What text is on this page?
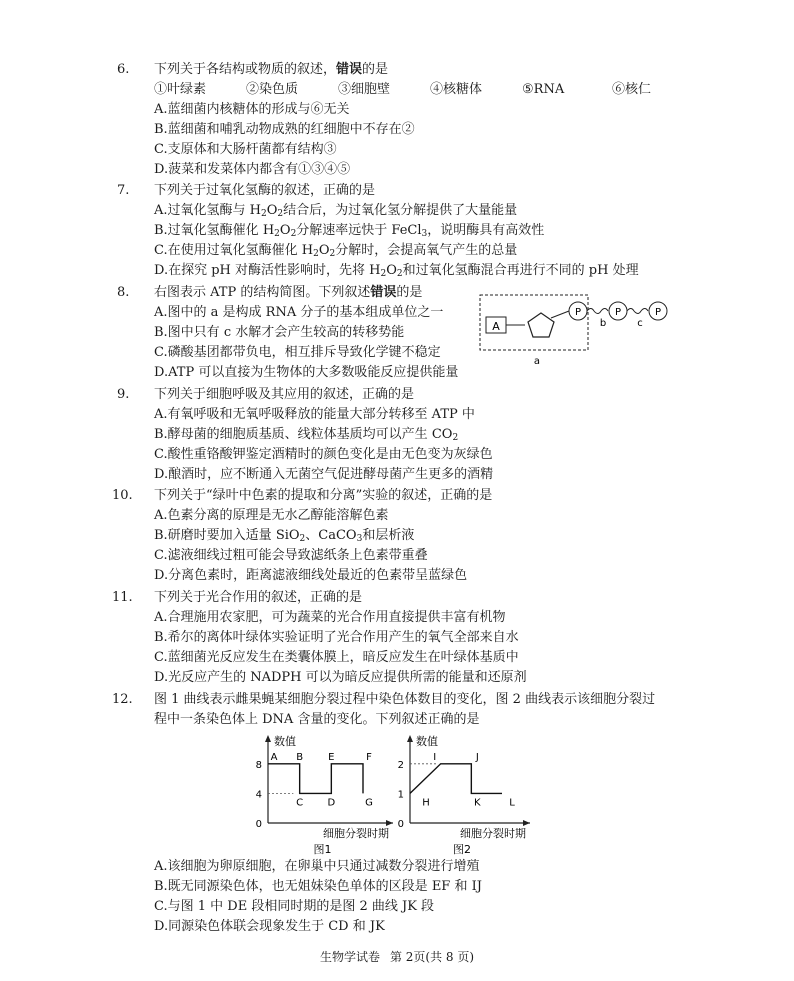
6.	下列关于各结构或物质的叙述，错误的是
①叶绿素	②染色质	③细胞壁	④核糖体	⑤RNA	⑥核仁
A.蓝细菌内核糖体的形成与⑥无关
B.蓝细菌和哺乳动物成熟的红细胞中不存在②
C.支原体和大肠杆菌都有结构③
D.菠菜和发菜体内都含有①③④⑤
7.	下列关于过氧化氢酶的叙述，正确的是
A.过氧化氢酶与 $H_2O_2$结合后，为过氧化氢分解提供了大量能量
B.过氧化氢酶催化 $H_2O_2$分解速率远快于 FeCl$_3$，说明酶具有高效性
C.在使用过氧化氢酶催化 $H_2O_2$分解时，会提高氧气产生的总量
D.在探究 pH 对酶活性影响时，先将 $H_2O_2$和过氧化氢酶混合再进行不同的 pH 处理
8.	右图表示 ATP 的结构简图。下列叙述错误的是
A.图中的 a 是构成 RNA 分子的基本组成单位之一
B.图中只有 c 水解才会产生较高的转移势能
C.磷酸基团都带负电，相互排斥导致化学键不稳定
D.ATP 可以直接为生物体的大多数吸能反应提供能量
A
P
b
P
c
P
a
9.	下列关于细胞呼吸及其应用的叙述，正确的是
A.有氧呼吸和无氧呼吸释放的能量大部分转移至 ATP 中
B.酵母菌的细胞质基质、线粒体基质均可以产生 $CO_2$
C.酸性重铬酸钾鉴定酒精时的颜色变化是由无色变为灰绿色
D.酿酒时，应不断通入无菌空气促进酵母菌产生更多的酒精
10.	下列关于“绿叶中色素的提取和分离”实验的叙述，正确的是
A.色素分离的原理是无水乙醇能溶解色素
B.研磨时要加入适量 SiO$_2$、CaCO$_3$和层析液
C.滤液细线过粗可能会导致滤纸条上色素带重叠
D.分离色素时，距离滤液细线处最近的色素带呈蓝绿色
11.	下列关于光合作用的叙述，正确的是
A.合理施用农家肥，可为蔬菜的光合作用直接提供丰富有机物
B.希尔的离体叶绿体实验证明了光合作用产生的氧气全部来自水
C.蓝细菌光反应发生在类囊体膜上，暗反应发生在叶绿体基质中
D.光反应产生的 NADPH 可以为暗反应提供所需的能量和还原剂
12.	图 1 曲线表示雌果蝇某细胞分裂过程中染色体数目的变化，图 2 曲线表示该细胞分裂过
程中一条染色体上 DNA 含量的变化。下列叙述正确的是
A.该细胞为卵原细胞，在卵巢中只通过减数分裂进行增殖
B.既无同源染色体，也无姐妹染色单体的区段是 EF 和 IJ
C.与图 1 中 DE 段相同时期的是图 2 曲线 JK 段
D.同源染色体联会现象发生于 CD 和 JK
数值
细胞分裂时期
图1
0
4
8
A B
C D
E	F
G
数值
细胞分裂时期
图2
0
1
2
H
I	J
K	L
生物学试卷 第 2页(共 8 页)
